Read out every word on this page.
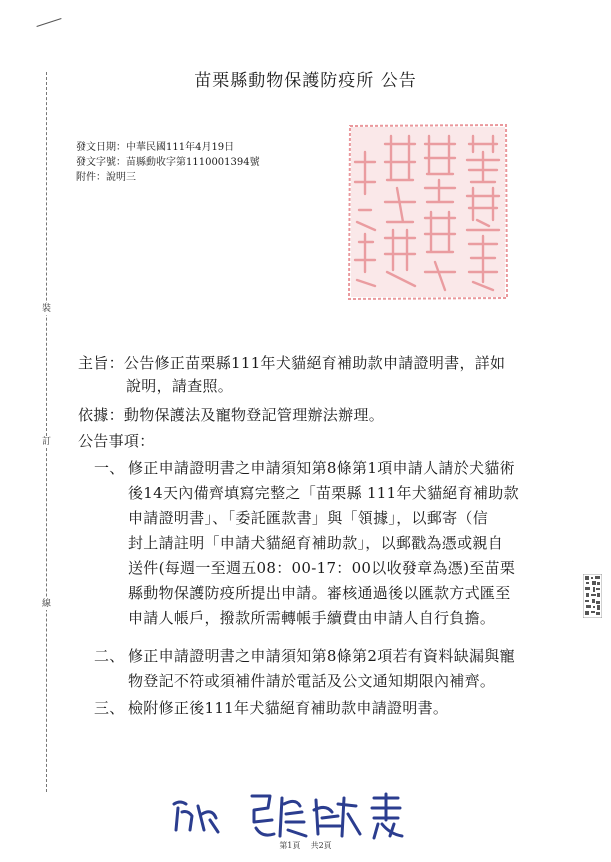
裝
訂
線
苗栗縣動物保護防疫所 公告
發文日期：中華民國111年4月19日
發文字號：苗縣動收字第1110001394號
附件：說明三
主旨：公告修正苗栗縣111年犬貓絕育補助款申請證明書，詳如
說明，請查照。
依據：動物保護法及寵物登記管理辦法辦理。
公告事項：
一、 修正申請證明書之申請須知第8條第1項申請人請於犬貓術
後14天內備齊填寫完整之「苗栗縣 111年犬貓絕育補助款
申請證明書」、「委託匯款書」與「領據」，以郵寄（信
封上請註明「申請犬貓絕育補助款」，以郵戳為憑或親自
送件(每週一至週五08：00-17：00以收發章為憑)至苗栗
縣動物保護防疫所提出申請。審核通過後以匯款方式匯至
申請人帳戶，撥款所需轉帳手續費由申請人自行負擔。
二、 修正申請證明書之申請須知第8條第2項若有資料缺漏與寵
物登記不符或須補件請於電話及公文通知期限內補齊。
三、 檢附修正後111年犬貓絕育補助款申請證明書。
第1頁 共2頁
